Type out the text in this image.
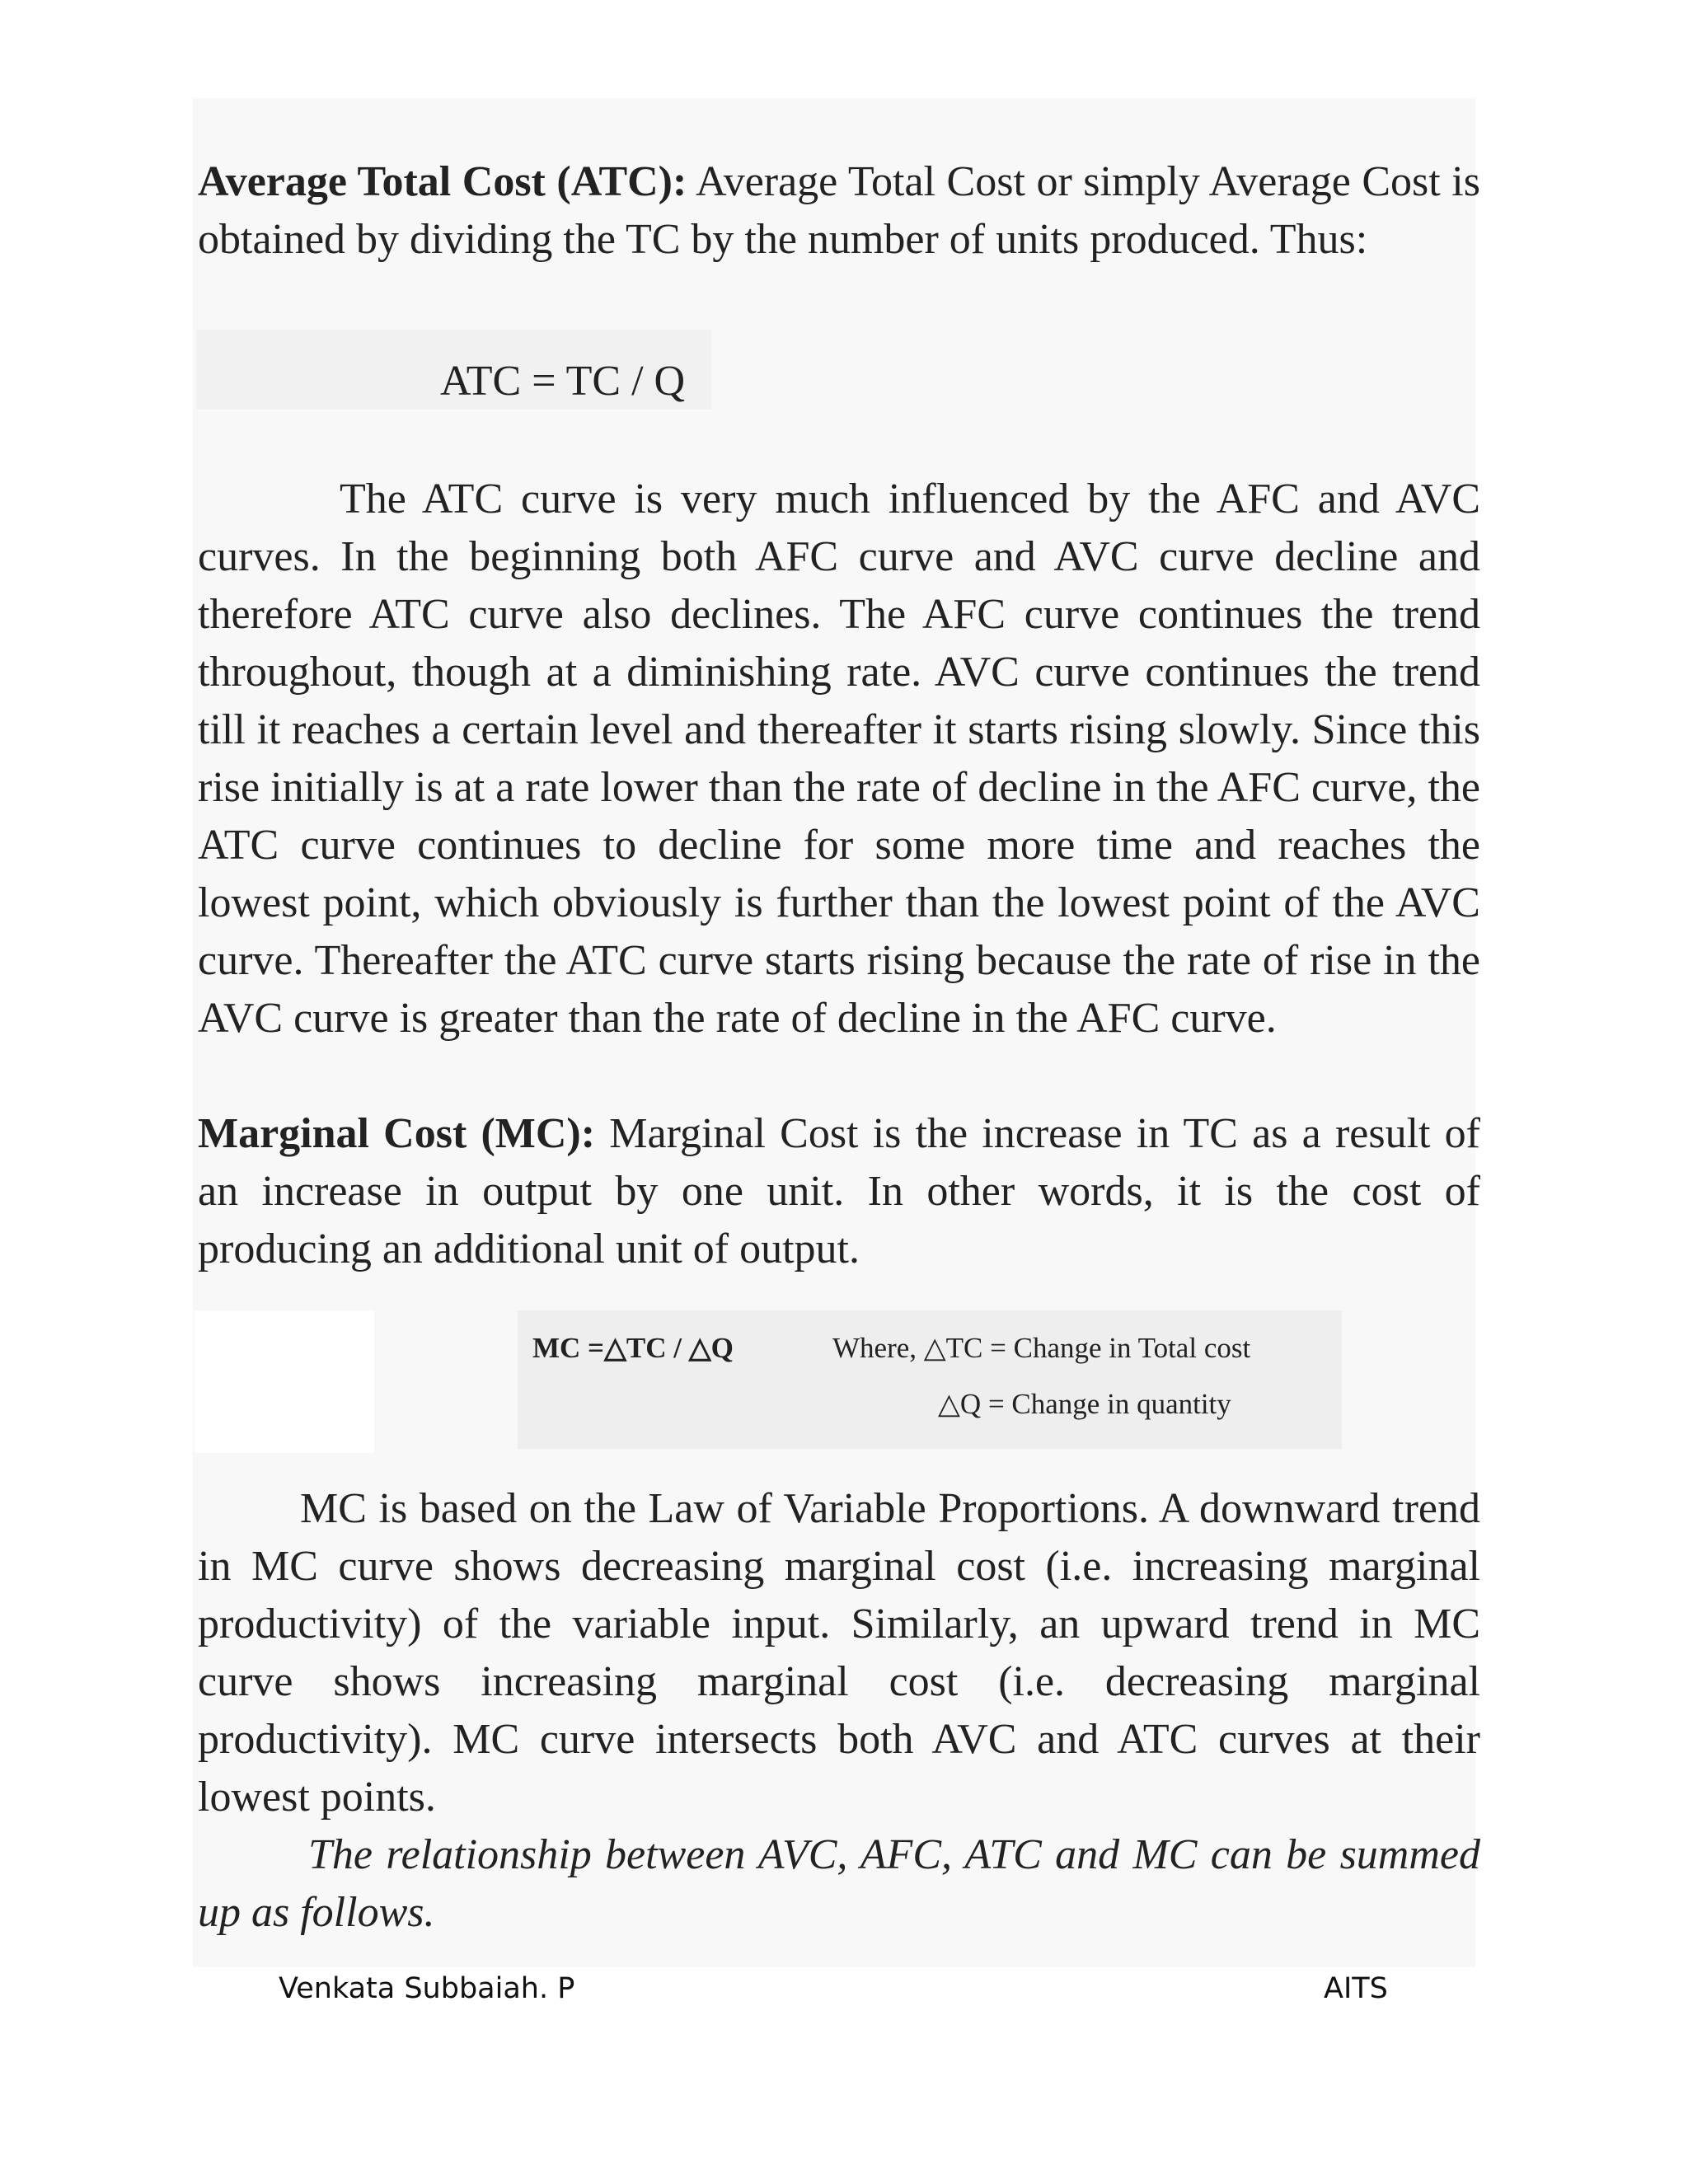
Average Total Cost (ATC): Average Total Cost or simply Average Cost is obtained by dividing the TC by the number of units produced. Thus:

The ATC curve is very much influenced by the AFC and AVC curves. In the beginning both AFC curve and AVC curve decline and therefore ATC curve also declines. The AFC curve continues the trend throughout, though at a diminishing rate. AVC curve continues the trend till it reaches a certain level and thereafter it starts rising slowly. Since this rise initially is at a rate lower than the rate of decline in the AFC curve, the ATC curve continues to decline for some more time and reaches the lowest point, which obviously is further than the lowest point of the AVC curve. Thereafter the ATC curve starts rising because the rate of rise in the AVC curve is greater than the rate of decline in the AFC curve.

Marginal Cost (MC): Marginal Cost is the increase in TC as a result of an increase in output by one unit. In other words, it is the cost of producing an additional unit of output.

MC is based on the Law of Variable Proportions. A downward trend in MC curve shows decreasing marginal cost (i.e. increasing marginal productivity) of the variable input. Similarly, an upward trend in MC curve shows increasing marginal cost (i.e. decreasing marginal productivity). MC curve intersects both AVC and ATC curves at their lowest points.

The relationship between AVC, AFC, ATC and MC can be summed up as follows.

ATC = TC / Q
MC =△TC / △Q	Where, △TC = Change in Total cost
△Q = Change in quantity
Venkata Subbaiah. P	AITS
